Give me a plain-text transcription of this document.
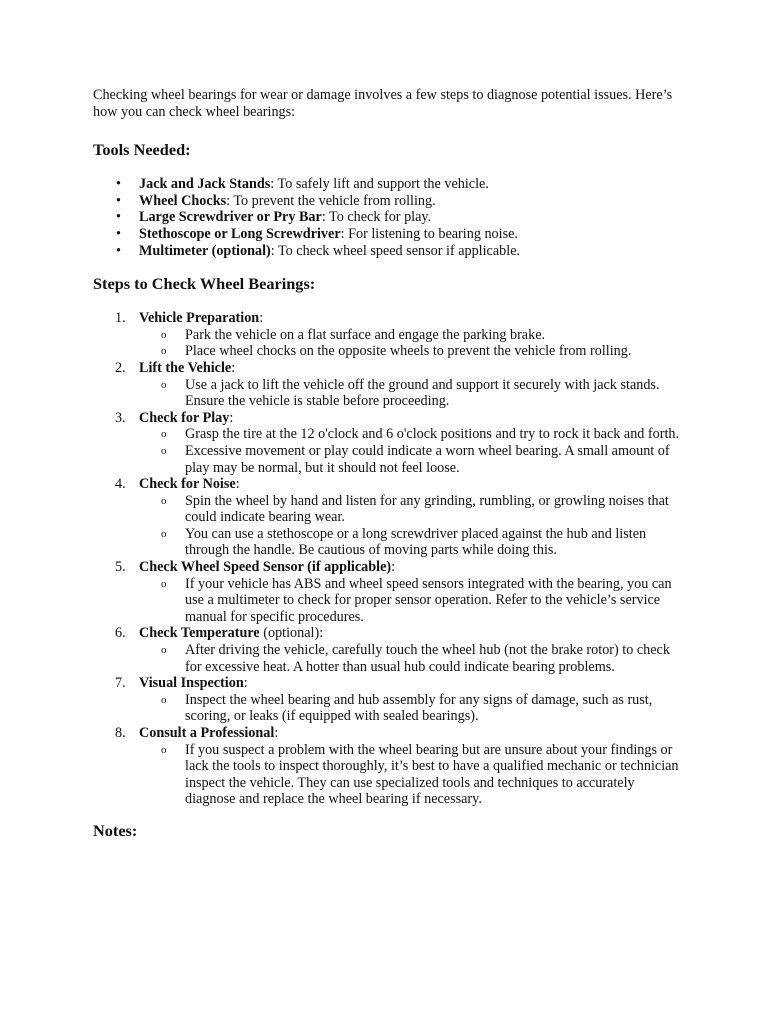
Checking wheel bearings for wear or damage involves a few steps to diagnose potential issues. Here’s how you can check wheel bearings:

Tools Needed:
• Jack and Jack Stands: To safely lift and support the vehicle.
• Wheel Chocks: To prevent the vehicle from rolling.
• Large Screwdriver or Pry Bar: To check for play.
• Stethoscope or Long Screwdriver: For listening to bearing noise.
• Multimeter (optional): To check wheel speed sensor if applicable.
Steps to Check Wheel Bearings:
1. Vehicle Preparation:
o Park the vehicle on a flat surface and engage the parking brake.
o Place wheel chocks on the opposite wheels to prevent the vehicle from rolling.
2. Lift the Vehicle:
o Use a jack to lift the vehicle off the ground and support it securely with jack stands. Ensure the vehicle is stable before proceeding.
3. Check for Play:
o Grasp the tire at the 12 o'clock and 6 o'clock positions and try to rock it back and forth.
o Excessive movement or play could indicate a worn wheel bearing. A small amount of play may be normal, but it should not feel loose.
4. Check for Noise:
o Spin the wheel by hand and listen for any grinding, rumbling, or growling noises that could indicate bearing wear.
o You can use a stethoscope or a long screwdriver placed against the hub and listen through the handle. Be cautious of moving parts while doing this.
5. Check Wheel Speed Sensor (if applicable):
o If your vehicle has ABS and wheel speed sensors integrated with the bearing, you can use a multimeter to check for proper sensor operation. Refer to the vehicle’s service manual for specific procedures.
6. Check Temperature (optional):
o After driving the vehicle, carefully touch the wheel hub (not the brake rotor) to check for excessive heat. A hotter than usual hub could indicate bearing problems.
7. Visual Inspection:
o Inspect the wheel bearing and hub assembly for any signs of damage, such as rust, scoring, or leaks (if equipped with sealed bearings).
8. Consult a Professional:
o If you suspect a problem with the wheel bearing but are unsure about your findings or lack the tools to inspect thoroughly, it’s best to have a qualified mechanic or technician inspect the vehicle. They can use specialized tools and techniques to accurately diagnose and replace the wheel bearing if necessary.
Notes:
